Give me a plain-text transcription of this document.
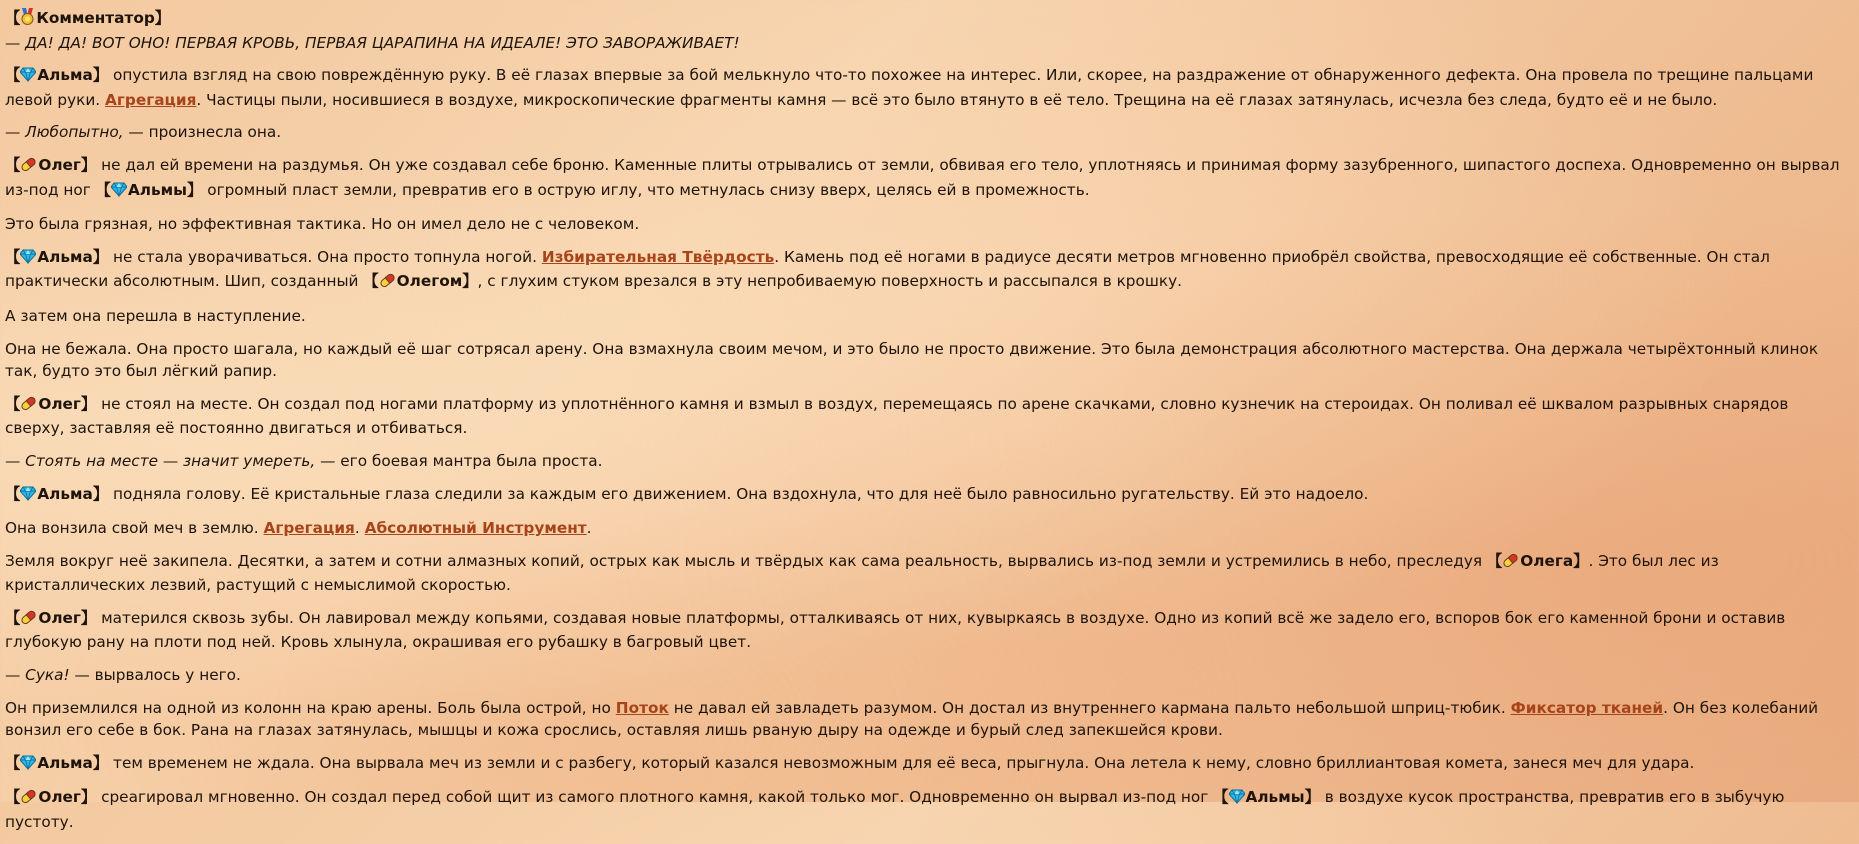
【 Комментатор】

— ДА! ДА! ВОТ ОНО! ПЕРВАЯ КРОВЬ, ПЕРВАЯ ЦАРАПИНА НА ИДЕАЛЕ! ЭТО ЗАВОРАЖИВАЕТ!

【 Альма】 опустила взгляд на свою повреждённую руку. В её глазах впервые за бой мелькнуло что-то похожее на интерес. Или, скорее, на раздражение от обнаруженного дефекта. Она провела по трещине пальцами левой руки. Агрегация. Частицы пыли, носившиеся в воздухе, микроскопические фрагменты камня — всё это было втянуто в её тело. Трещина на её глазах затянулась, исчезла без следа, будто её и не было.

— Любопытно, — произнесла она.

【 Олег】 не дал ей времени на раздумья. Он уже создавал себе броню. Каменные плиты отрывались от земли, обвивая его тело, уплотняясь и принимая форму зазубренного, шипастого доспеха. Одновременно он вырвал из-под ног 【 Альмы】 огромный пласт земли, превратив его в острую иглу, что метнулась снизу вверх, целясь ей в промежность.

Это была грязная, но эффективная тактика. Но он имел дело не с человеком.

【 Альма】 не стала уворачиваться. Она просто топнула ногой. Избирательная Твёрдость. Камень под её ногами в радиусе десяти метров мгновенно приобрёл свойства, превосходящие её собственные. Он стал практически абсолютным. Шип, созданный 【 Олегом】, с глухим стуком врезался в эту непробиваемую поверхность и рассыпался в крошку.

А затем она перешла в наступление.

Она не бежала. Она просто шагала, но каждый её шаг сотрясал арену. Она взмахнула своим мечом, и это было не просто движение. Это была демонстрация абсолютного мастерства. Она держала четырёхтонный клинок так, будто это был лёгкий рапир.

【 Олег】 не стоял на месте. Он создал под ногами платформу из уплотнённого камня и взмыл в воздух, перемещаясь по арене скачками, словно кузнечик на стероидах. Он поливал её шквалом разрывных снарядов сверху, заставляя её постоянно двигаться и отбиваться.

— Стоять на месте — значит умереть, — его боевая мантра была проста.

【 Альма】 подняла голову. Её кристальные глаза следили за каждым его движением. Она вздохнула, что для неё было равносильно ругательству. Ей это надоело.

Она вонзила свой меч в землю. Агрегация. Абсолютный Инструмент.

Земля вокруг неё закипела. Десятки, а затем и сотни алмазных копий, острых как мысль и твёрдых как сама реальность, вырвались из-под земли и устремились в небо, преследуя 【 Олега】. Это был лес из кристаллических лезвий, растущий с немыслимой скоростью.

【 Олег】 матерился сквозь зубы. Он лавировал между копьями, создавая новые платформы, отталкиваясь от них, кувыркаясь в воздухе. Одно из копий всё же задело его, вспоров бок его каменной брони и оставив глубокую рану на плоти под ней. Кровь хлынула, окрашивая его рубашку в багровый цвет.

— Сука! — вырвалось у него.

Он приземлился на одной из колонн на краю арены. Боль была острой, но Поток не давал ей завладеть разумом. Он достал из внутреннего кармана пальто небольшой шприц-тюбик. Фиксатор тканей. Он без колебаний вонзил его себе в бок. Рана на глазах затянулась, мышцы и кожа срослись, оставляя лишь рваную дыру на одежде и бурый след запекшейся крови.

【 Альма】 тем временем не ждала. Она вырвала меч из земли и с разбегу, который казался невозможным для её веса, прыгнула. Она летела к нему, словно бриллиантовая комета, занеся меч для удара.

【 Олег】 среагировал мгновенно. Он создал перед собой щит из самого плотного камня, какой только мог. Одновременно он вырвал из-под ног 【 Альмы】 в воздухе кусок пространства, превратив его в зыбучую пустоту.
